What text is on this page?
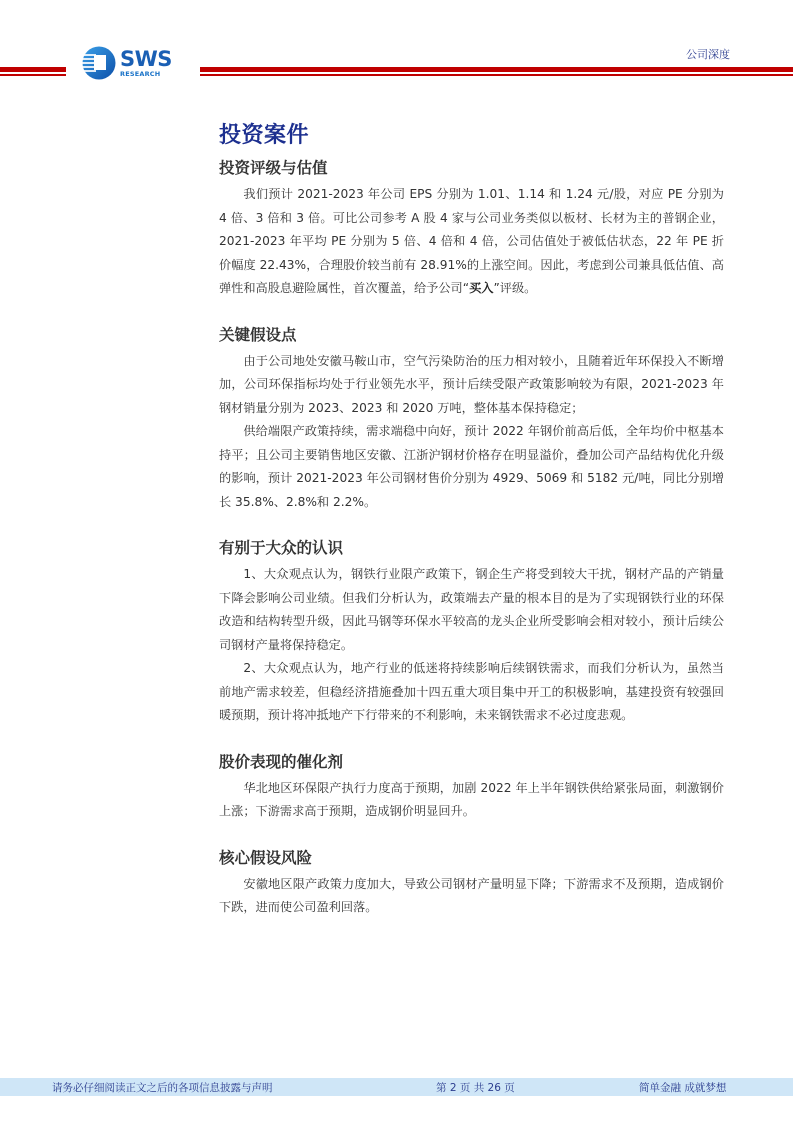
SWS
RESEARCH
公司深度
投资案件
投资评级与估值

我们预计 2021-2023 年公司 EPS 分别为 1.01、1.14 和 1.24 元/股，对应 PE 分别为 4 倍、3 倍和 3 倍。可比公司参考 A 股 4 家与公司业务类似以板材、长材为主的普钢企业，2021-2023 年平均 PE 分别为 5 倍、4 倍和 4 倍，公司估值处于被低估状态，22 年 PE 折价幅度 22.43%，合理股价较当前有 28.91%的上涨空间。因此，考虑到公司兼具低估值、高弹性和高股息避险属性，首次覆盖，给予公司“买入”评级。

关键假设点

由于公司地处安徽马鞍山市，空气污染防治的压力相对较小，且随着近年环保投入不断增加，公司环保指标均处于行业领先水平，预计后续受限产政策影响较为有限，2021-2023 年钢材销量分别为 2023、2023 和 2020 万吨，整体基本保持稳定；

供给端限产政策持续，需求端稳中向好，预计 2022 年钢价前高后低，全年均价中枢基本持平；且公司主要销售地区安徽、江浙沪钢材价格存在明显溢价，叠加公司产品结构优化升级的影响，预计 2021-2023 年公司钢材售价分别为 4929、5069 和 5182 元/吨，同比分别增长 35.8%、2.8%和 2.2%。

有别于大众的认识

1、大众观点认为，钢铁行业限产政策下，钢企生产将受到较大干扰，钢材产品的产销量下降会影响公司业绩。但我们分析认为，政策端去产量的根本目的是为了实现钢铁行业的环保改造和结构转型升级，因此马钢等环保水平较高的龙头企业所受影响会相对较小，预计后续公司钢材产量将保持稳定。

2、大众观点认为，地产行业的低迷将持续影响后续钢铁需求，而我们分析认为，虽然当前地产需求较差，但稳经济措施叠加十四五重大项目集中开工的积极影响，基建投资有较强回暖预期，预计将冲抵地产下行带来的不利影响，未来钢铁需求不必过度悲观。

股价表现的催化剂

华北地区环保限产执行力度高于预期，加剧 2022 年上半年钢铁供给紧张局面，刺激钢价上涨；下游需求高于预期，造成钢价明显回升。

核心假设风险

安徽地区限产政策力度加大，导致公司钢材产量明显下降；下游需求不及预期，造成钢价下跌，进而使公司盈利回落。

请务必仔细阅读正文之后的各项信息披露与声明	第 2 页 共 26 页	简单金融 成就梦想
